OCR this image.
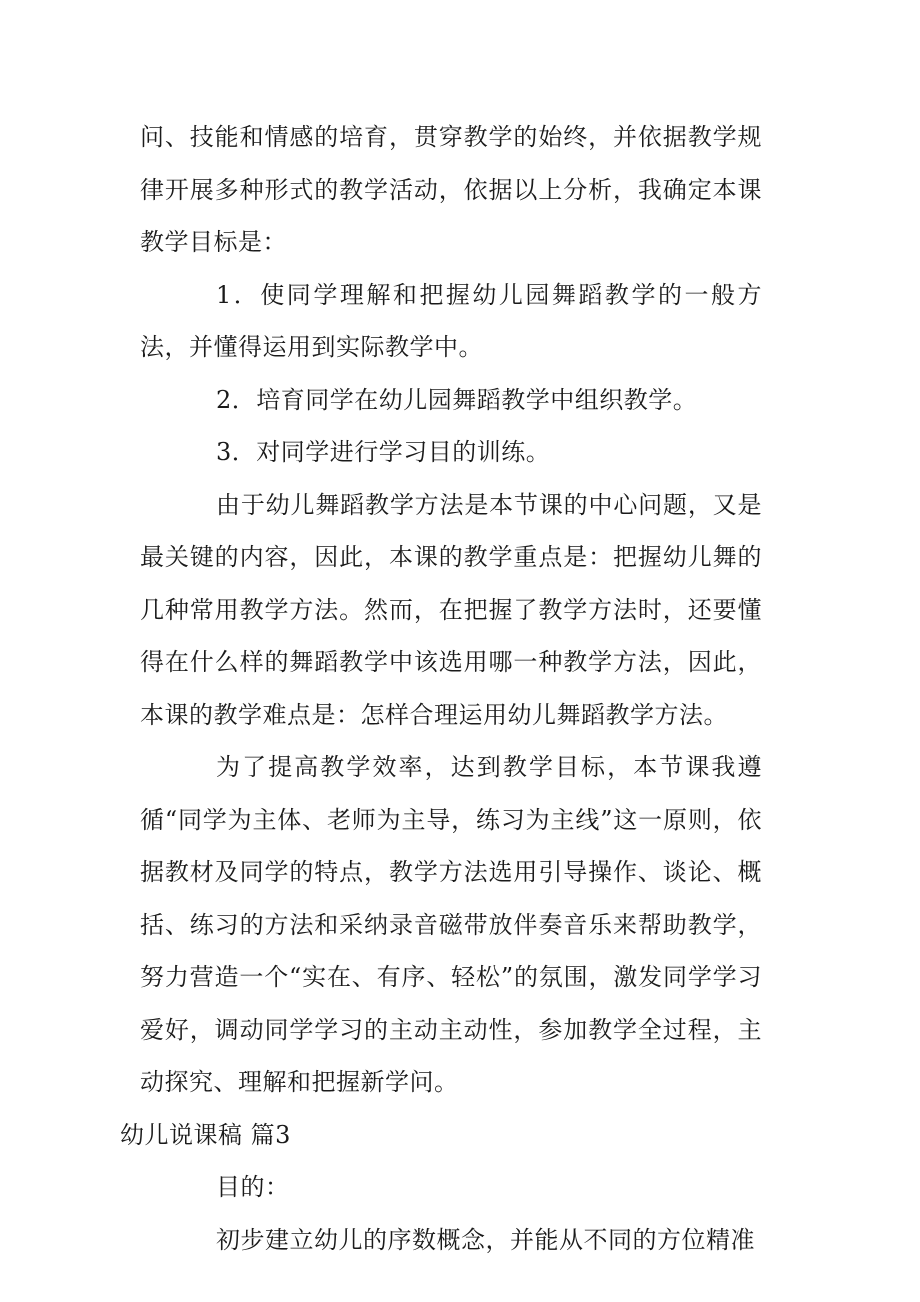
问、技能和情感的培育，贯穿教学的始终，并依据教学规律开展多种形式的教学活动，依据以上分析，我确定本课教学目标是：

1．使同学理解和把握幼儿园舞蹈教学的一般方法，并懂得运用到实际教学中。

2．培育同学在幼儿园舞蹈教学中组织教学。

3．对同学进行学习目的训练。

由于幼儿舞蹈教学方法是本节课的中心问题，又是最关键的内容，因此，本课的教学重点是：把握幼儿舞的几种常用教学方法。然而，在把握了教学方法时，还要懂得在什么样的舞蹈教学中该选用哪一种教学方法，因此，本课的教学难点是：怎样合理运用幼儿舞蹈教学方法。

为了提高教学效率，达到教学目标，本节课我遵循“同学为主体、老师为主导，练习为主线”这一原则，依据教材及同学的特点，教学方法选用引导操作、谈论、概括、练习的方法和采纳录音磁带放伴奏音乐来帮助教学，努力营造一个“实在、有序、轻松”的氛围，激发同学学习爱好，调动同学学习的主动主动性，参加教学全过程，主动探究、理解和把握新学问。

幼儿说课稿 篇3

目的：

初步建立幼儿的序数概念，并能从不同的方位精准
